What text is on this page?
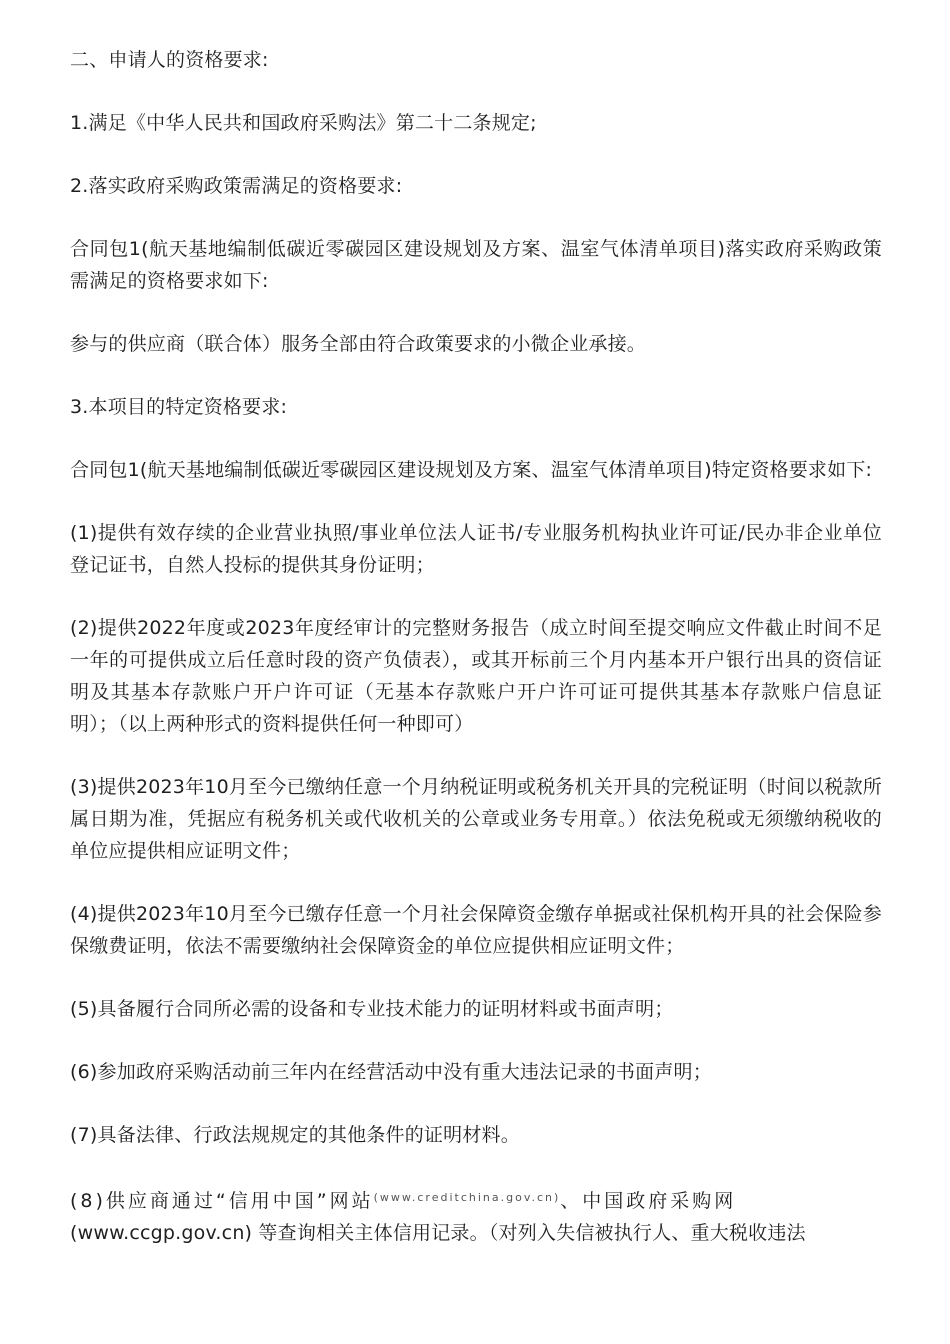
二、申请人的资格要求:

1.满足《中华人民共和国政府采购法》第二十二条规定;

2.落实政府采购政策需满足的资格要求:

合同包1(航天基地编制低碳近零碳园区建设规划及方案、温室气体清单项目)落实政府采购政策需满足的资格要求如下:

参与的供应商（联合体）服务全部由符合政策要求的小微企业承接。

3.本项目的特定资格要求:

合同包1(航天基地编制低碳近零碳园区建设规划及方案、温室气体清单项目)特定资格要求如下:

(1)提供有效存续的企业营业执照/事业单位法人证书/专业服务机构执业许可证/民办非企业单位登记证书，自然人投标的提供其身份证明；

(2)提供2022年度或2023年度经审计的完整财务报告（成立时间至提交响应文件截止时间不足一年的可提供成立后任意时段的资产负债表），或其开标前三个月内基本开户银行出具的资信证明及其基本存款账户开户许可证（无基本存款账户开户许可证可提供其基本存款账户信息证明）；（以上两种形式的资料提供任何一种即可）

(3)提供2023年10月至今已缴纳任意一个月纳税证明或税务机关开具的完税证明（时间以税款所属日期为准，凭据应有税务机关或代收机关的公章或业务专用章。）依法免税或无须缴纳税收的单位应提供相应证明文件；

(4)提供2023年10月至今已缴存任意一个月社会保障资金缴存单据或社保机构开具的社会保险参保缴费证明，依法不需要缴纳社会保障资金的单位应提供相应证明文件；

(5)具备履行合同所必需的设备和专业技术能力的证明材料或书面声明；

(6)参加政府采购活动前三年内在经营活动中没有重大违法记录的书面声明；

(7)具备法律、行政法规规定的其他条件的证明材料。

(8)供应商通过“信用中国”网站$^{(www.creditchina.gov.cn)}$、中国政府采购网
(www.ccgp.gov.cn) 等查询相关主体信用记录。（对列入失信被执行人、重大税收违法
